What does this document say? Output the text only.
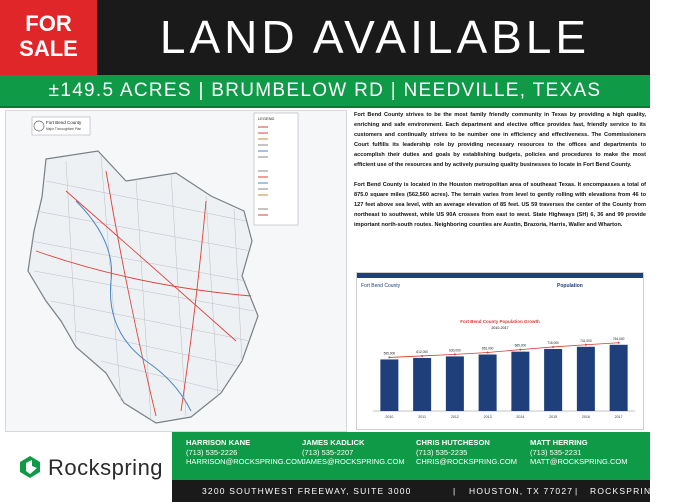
FOR
SALE	LAND AVAILABLE
±149.5 ACRES | BRUMBELOW RD | NEEDVILLE, TEXAS
Fort Bend County
Major Thoroughfare Plan
LEGEND

Fort Bend County strives to be the most family friendly community in Texas by providing a high quality, enriching and safe environment. Each department and elective office provides fast, friendly service to its customers and continually strives to be number one in efficiency and effectiveness. The Commissioners Court fulfills its leadership role by providing necessary resources to the offices and departments to accomplish their duties and goals by establishing budgets, policies and procedures to make the most efficient use of the resources and by actively pursuing quality businesses to locate in Fort Bend County.

Fort Bend County is located in the Houston metropolitan area of southeast Texas. It encompasses a total of 875.0 square miles (562,560 acres). The terrain varies from level to gently rolling with elevations from 46 to 127 feet above sea level, with an average elevation of 85 feet. US 59 traverses the center of the County from northeast to southwest, while US 90A crosses from east to west. State Highways (SH) 6, 36 and 99 provide important north-south routes. Neighboring counties are Austin, Brazoria, Harris, Waller and Wharton.

Fort Bend County	Population
Fort Bend County Population Growth
2010-2017
595,000
2010
612,000
2011
630,000
2012
652,000
2013
685,000
2014
716,000
2015
741,000
2016
764,000
2017
Rockspring
HARRISON KANE
(713) 535-2226
HARRISON@ROCKSPRING.COM
JAMES KADLICK
(713) 535-2207
JAMES@ROCKSPRING.COM
CHRIS HUTCHESON
(713) 535-2235
CHRIS@ROCKSPRING.COM
MATT HERRING
(713) 535-2231
MATT@ROCKSPRING.COM
3200 SOUTHWEST FREEWAY, SUITE 3000	| HOUSTON, TX 77027 | ROCKSPRING.COM
